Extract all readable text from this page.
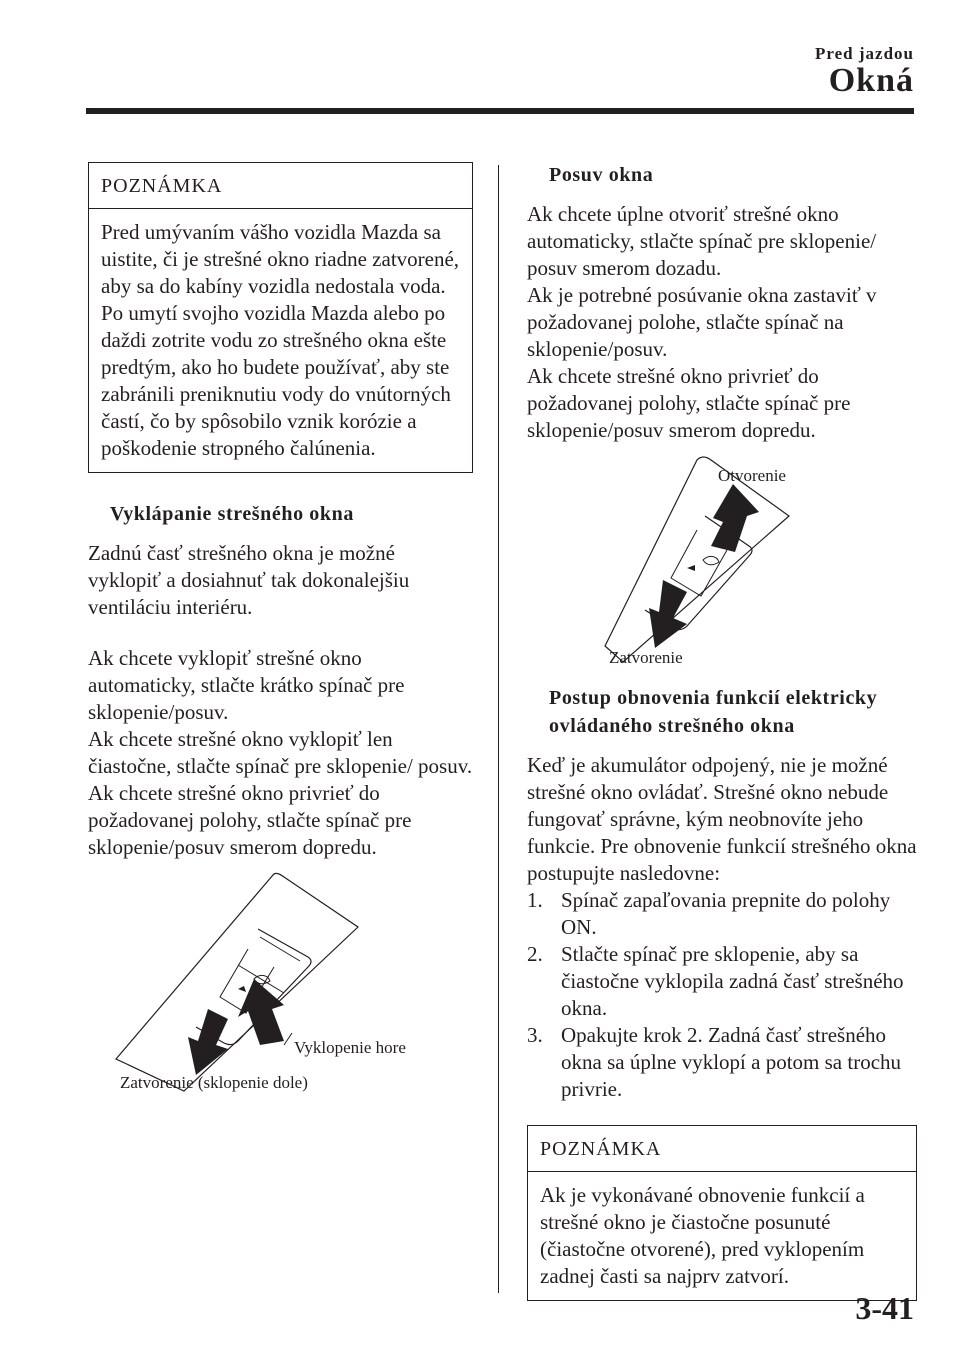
Pred jazdou
Okná
POZNÁMKA
Pred umývaním vášho vozidla Mazda sa uistite, či je strešné okno riadne zatvorené, aby sa do kabíny vozidla nedostala voda. Po umytí svojho vozidla Mazda alebo po daždi zotrite vodu zo strešného okna ešte predtým, ako ho budete používať, aby ste zabránili preniknutiu vody do vnútorných častí, čo by spôsobilo vznik korózie a poškodenie stropného čalúnenia.
Vyklápanie strešného okna

Zadnú časť strešného okna je možné vyklopiť a dosiahnuť tak dokonalejšiu ventiláciu interiéru.

Ak chcete vyklopiť strešné okno automaticky, stlačte krátko spínač pre sklopenie/posuv.

Ak chcete strešné okno vyklopiť len čiastočne, stlačte spínač pre sklopenie/ posuv.

Ak chcete strešné okno privrieť do požadovanej polohy, stlačte spínač pre sklopenie/posuv smerom dopredu.

Vyklopenie hore
Zatvorenie (sklopenie dole)
Posuv okna

Ak chcete úplne otvoriť strešné okno automaticky, stlačte spínač pre sklopenie/ posuv smerom dozadu.

Ak je potrebné posúvanie okna zastaviť v požadovanej polohe, stlačte spínač na sklopenie/posuv.

Ak chcete strešné okno privrieť do požadovanej polohy, stlačte spínač pre sklopenie/posuv smerom dopredu.

Otvorenie
Zatvorenie
Postup obnovenia funkcií elektricky ovládaného strešného okna

Keď je akumulátor odpojený, nie je možné strešné okno ovládať. Strešné okno nebude fungovať správne, kým neobnovíte jeho funkcie. Pre obnovenie funkcií strešného okna postupujte nasledovne:

1. Spínač zapaľovania prepnite do polohy ON.
2. Stlačte spínač pre sklopenie, aby sa čiastočne vyklopila zadná časť strešného okna.
3. Opakujte krok 2. Zadná časť strešného okna sa úplne vyklopí a potom sa trochu privrie.
POZNÁMKA
Ak je vykonávané obnovenie funkcií a strešné okno je čiastočne posunuté (čiastočne otvorené), pred vyklopením zadnej časti sa najprv zatvorí.
3-41
